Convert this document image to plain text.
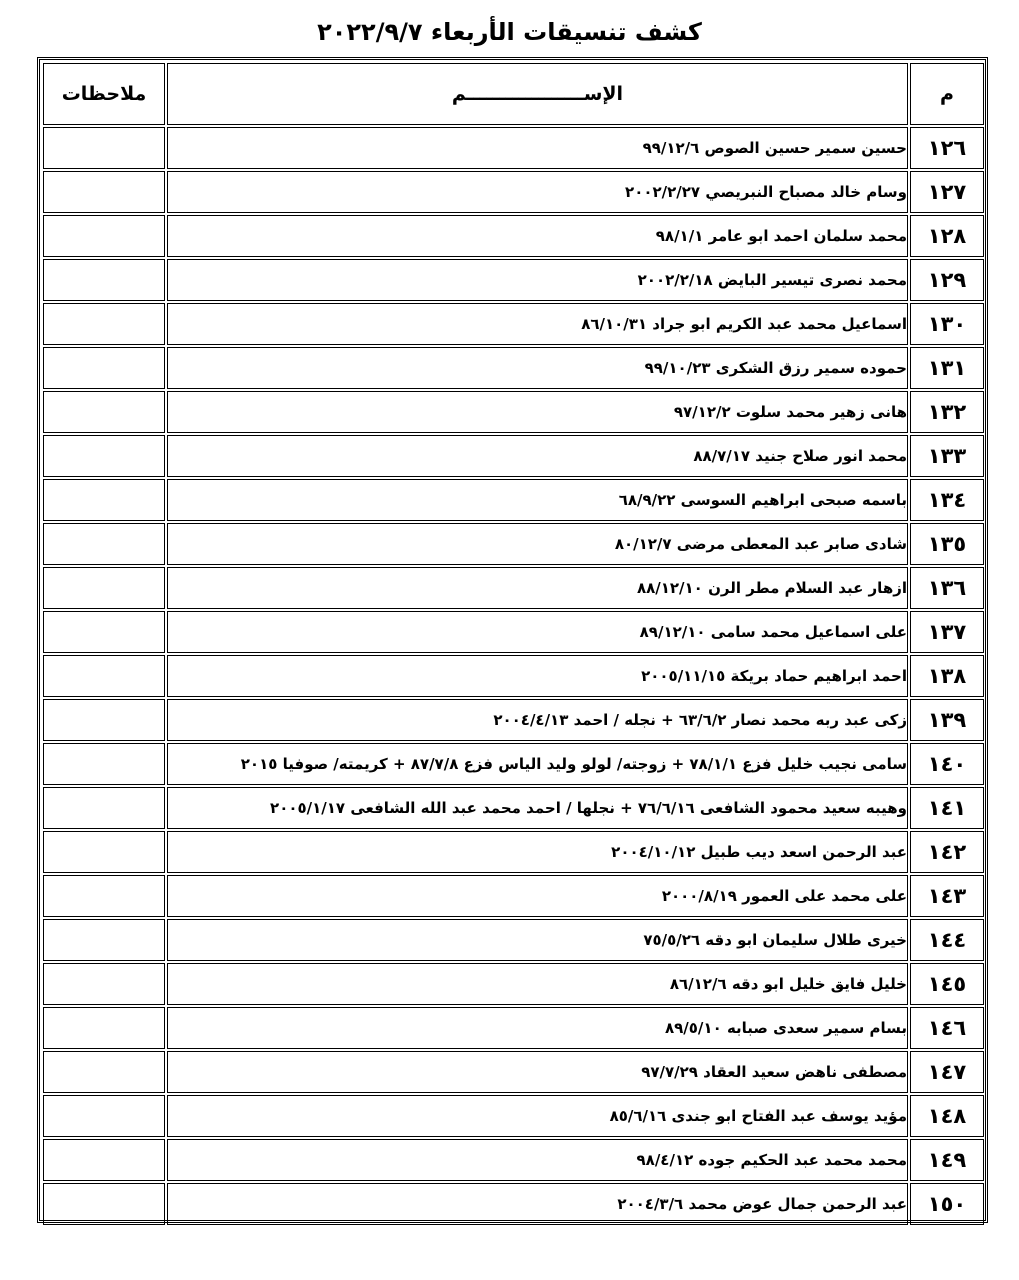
كشف تنسيقات الأربعاء ٢٠٢٢/٩/٧
م	الإســــــــــــــــــم	ملاحظات
١٢٦	حسين سمير حسين الصوص ٩٩/١٢/٦	
١٢٧	وسام خالد مصباح النبريصي ٢٠٠٢/٢/٢٧	
١٢٨	محمد سلمان احمد ابو عامر ٩٨/١/١	
١٢٩	محمد نصرى تيسير البايض ٢٠٠٢/٢/١٨	
١٣٠	اسماعيل محمد عبد الكريم ابو جراد ٨٦/١٠/٣١	
١٣١	حموده سمير رزق الشكرى ٩٩/١٠/٢٣	
١٣٢	هانى زهير محمد سلوت ٩٧/١٢/٢	
١٣٣	محمد انور صلاح جنيد ٨٨/٧/١٧	
١٣٤	باسمه صبحى ابراهيم السوسى ٦٨/٩/٢٢	
١٣٥	شادى صابر عبد المعطى مرضى ٨٠/١٢/٧	
١٣٦	ازهار عبد السلام مطر الرن ٨٨/١٢/١٠	
١٣٧	على اسماعيل محمد سامى ٨٩/١٢/١٠	
١٣٨	احمد ابراهيم حماد بريكة ٢٠٠٥/١١/١٥	
١٣٩	زكى عبد ربه محمد نصار ٦٣/٦/٢ + نجله / احمد ٢٠٠٤/٤/١٣	
١٤٠	سامى نجيب خليل فزع ٧٨/١/١ + زوجته/ لولو وليد الياس فزع ٨٧/٧/٨ + كريمته/ صوفيا ٢٠١٥	
١٤١	وهيبه سعيد محمود الشافعى ٧٦/٦/١٦ + نجلها / احمد محمد عبد الله الشافعى ٢٠٠٥/١/١٧	
١٤٢	عبد الرحمن اسعد ديب طبيل ٢٠٠٤/١٠/١٢	
١٤٣	على محمد على العمور ٢٠٠٠/٨/١٩	
١٤٤	خيرى طلال سليمان ابو دقه ٧٥/٥/٢٦	
١٤٥	خليل فايق خليل ابو دقه ٨٦/١٢/٦	
١٤٦	بسام سمير سعدى صبابه ٨٩/٥/١٠	
١٤٧	مصطفى ناهض سعيد العقاد ٩٧/٧/٢٩	
١٤٨	مؤيد يوسف عبد الفتاح ابو جندى ٨٥/٦/١٦	
١٤٩	محمد محمد عبد الحكيم جوده ٩٨/٤/١٢	
١٥٠	عبد الرحمن جمال عوض محمد ٢٠٠٤/٣/٦	
